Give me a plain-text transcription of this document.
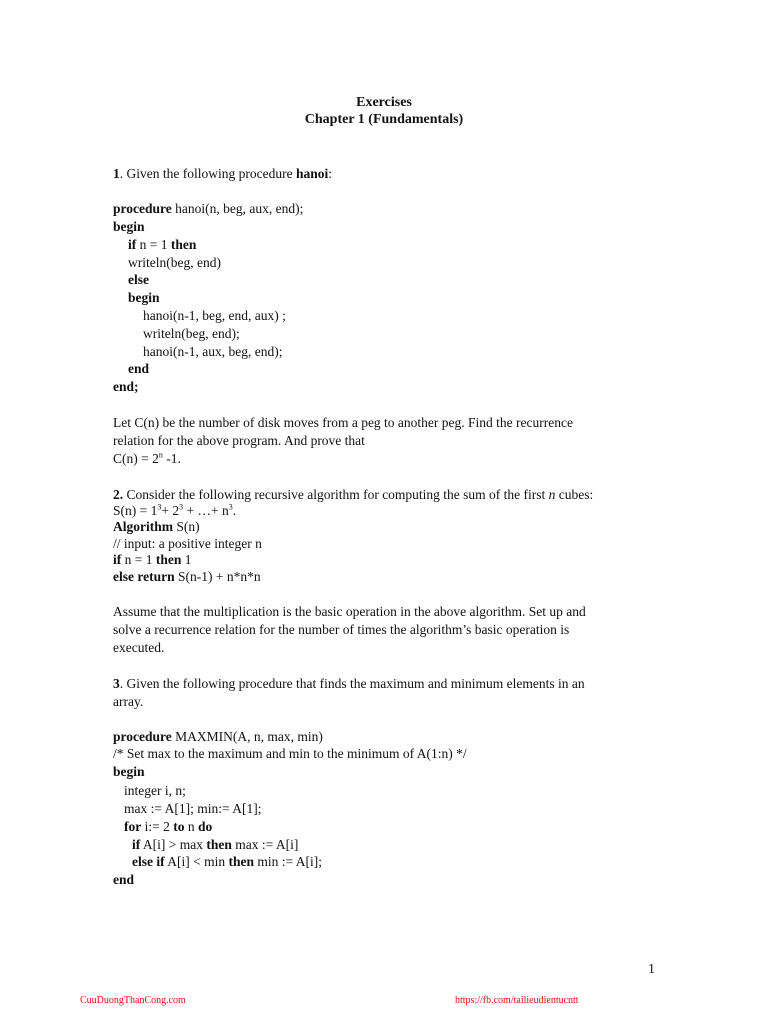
Exercises
Chapter 1 (Fundamentals)
1. Given the following procedure hanoi:
procedure hanoi(n, beg, aux, end);
begin
if n = 1 then
writeln(beg, end)
else
begin
hanoi(n-1, beg, end, aux) ;
writeln(beg, end);
hanoi(n-1, aux, beg, end);
end
end;
Let C(n) be the number of disk moves from a peg to another peg. Find the recurrence
relation for the above program. And prove that
$C(n) = 2^n$ -1.
2. Consider the following recursive algorithm for computing the sum of the first n cubes:
$S(n) = 1^3+ 2^3$ + …+ $n^3$.
Algorithm S(n)
// input: a positive integer n
if n = 1 then 1
else return S(n-1) + n*n*n
Assume that the multiplication is the basic operation in the above algorithm. Set up and
solve a recurrence relation for the number of times the algorithm’s basic operation is
executed.
3. Given the following procedure that finds the maximum and minimum elements in an
array.
procedure MAXMIN(A, n, max, min)
/* Set max to the maximum and min to the minimum of A(1:n) */
begin
integer i, n;
max := A[1]; min:= A[1];
for i:= 2 to n do
if A[i] > max then max := A[i]
else if A[i] < min then min := A[i];
end
1
CuuDuongThanCong.com	https://fb.com/tailieudientucntt
